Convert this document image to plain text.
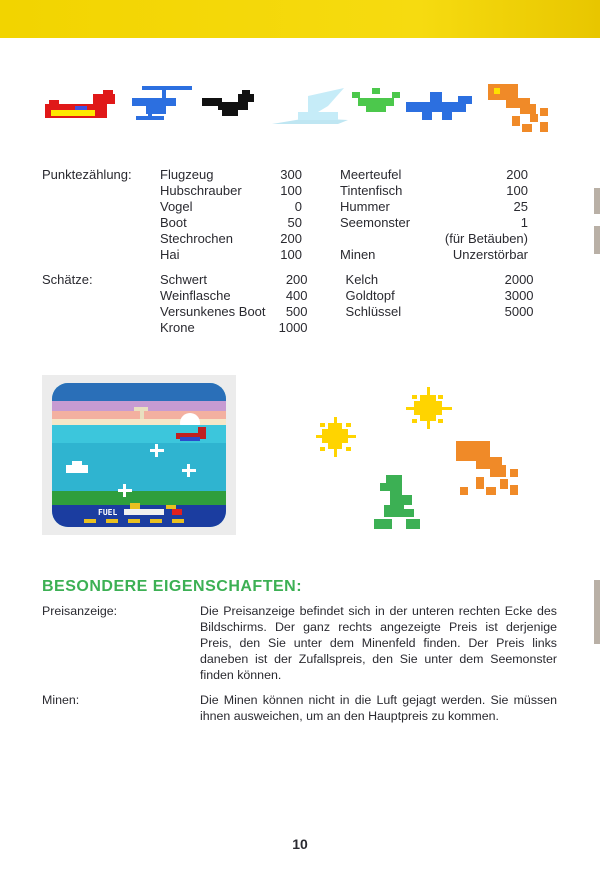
Punktezählung:	Flugzeug	300		Meerteufel	200
	Hubschrauber	100		Tintenfisch	100
	Vogel	0		Hummer	25
	Boot	50		Seemonster	1
	Stechrochen	200			(für Betäuben)
	Hai	100		Minen	Unzerstörbar
Schätze:	Schwert	200		Kelch	2000
	Weinflasche	400		Goldtopf	3000
	Versunkenes Boot	500		Schlüssel	5000
	Krone	1000			
FUEL
BESONDERE EIGENSCHAFTEN:
Preisanzeige:	Die Preisanzeige befindet sich in der unteren rechten Ecke des Bildschirms. Der ganz rechts angezeigte Preis ist derjenige Preis, den Sie unter dem Minenfeld finden. Der Preis links daneben ist der Zufallspreis, den Sie unter dem Seemonster finden können.
Minen:	Die Minen können nicht in die Luft gejagt werden. Sie müssen ihnen ausweichen, um an den Hauptpreis zu kommen.
10
